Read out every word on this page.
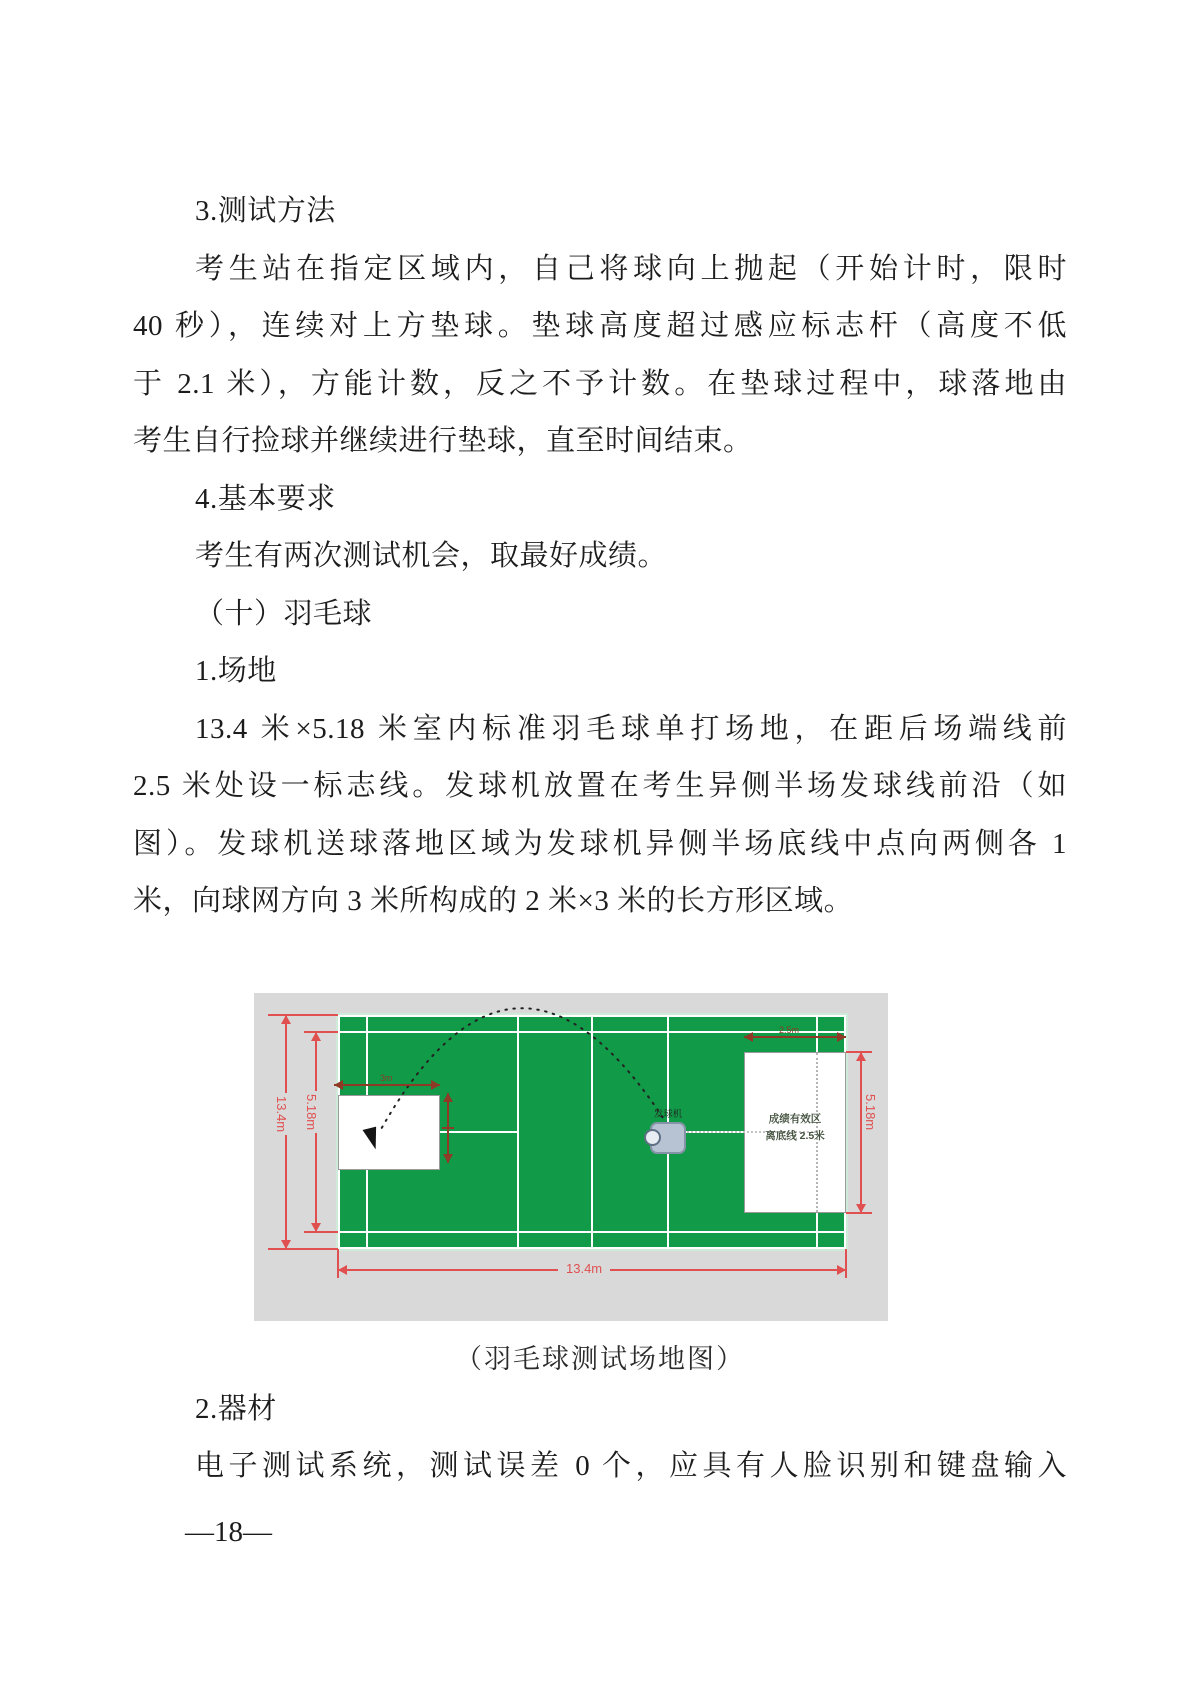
3.测试方法
考生站在指定区域内，自己将球向上抛起（开始计时，限时
40 秒），连续对上方垫球。垫球高度超过感应标志杆（高度不低
于 2.1 米），方能计数，反之不予计数。在垫球过程中，球落地由
考生自行捡球并继续进行垫球，直至时间结束。
4.基本要求
考生有两次测试机会，取最好成绩。
（十）羽毛球
1.场地
13.4 米×5.18 米室内标准羽毛球单打场地，在距后场端线前
2.5 米处设一标志线。发球机放置在考生异侧半场发球线前沿（如
图）。发球机送球落地区域为发球机异侧半场底线中点向两侧各 1
米，向球网方向 3 米所构成的 2 米×3 米的长方形区域。
成绩有效区
离底线 2.5米
发球机
13.4m 5.18m	5.18m
13.4m
2.5m
3m
（羽毛球测试场地图）
2.器材
电子测试系统，测试误差 0 个，应具有人脸识别和键盘输入
—18—
